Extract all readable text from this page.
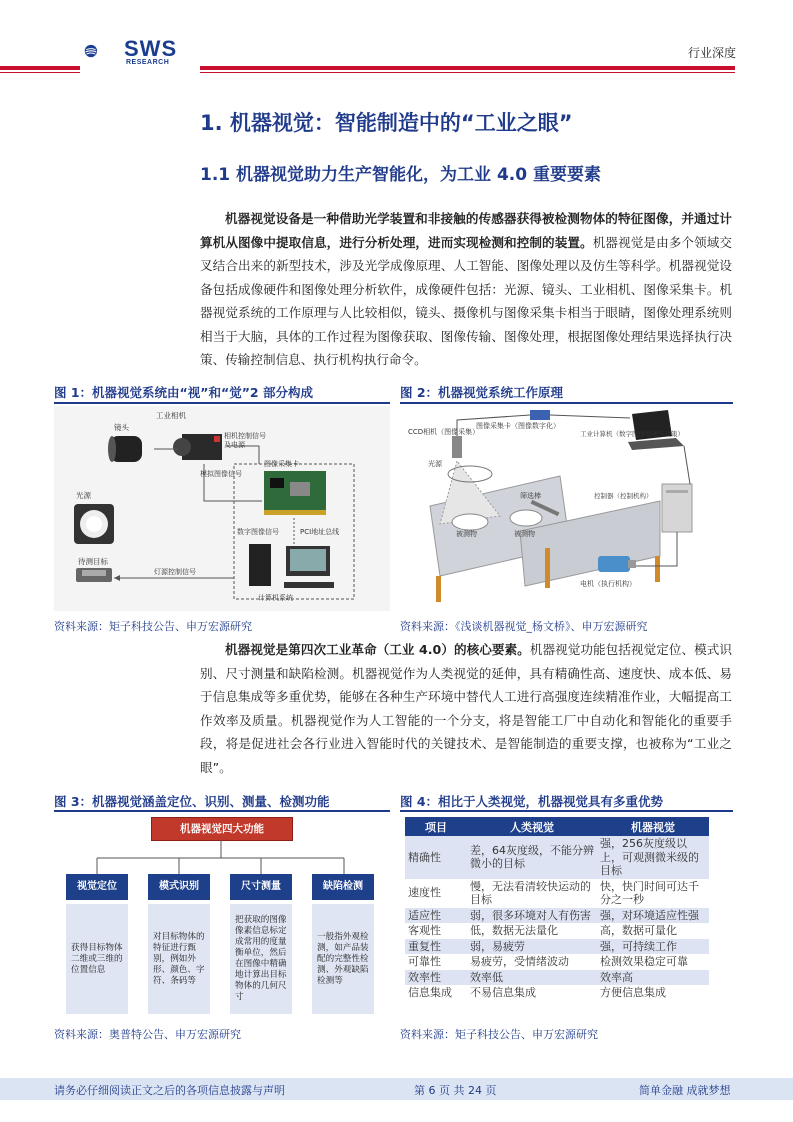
SWS
RESEARCH
行业深度
1. 机器视觉：智能制造中的“工业之眼”
1.1 机器视觉助力生产智能化，为工业 4.0 重要要素
机器视觉设备是一种借助光学装置和非接触的传感器获得被检测物体的特征图像，并通过计算机从图像中提取信息，进行分析处理，进而实现检测和控制的装置。机器视觉是由多个领域交叉结合出来的新型技术，涉及光学成像原理、人工智能、图像处理以及仿生等科学。机器视觉设备包括成像硬件和图像处理分析软件，成像硬件包括：光源、镜头、工业相机、图像采集卡。机器视觉系统的工作原理与人比较相似，镜头、摄像机与图像采集卡相当于眼睛，图像处理系统则相当于大脑，具体的工作过程为图像获取、图像传输、图像处理，根据图像处理结果选择执行决策、传输控制信息、执行机构执行命令。
图 1：机器视觉系统由“视”和“觉”2 部分构成	图 2：机器视觉系统工作原理
镜头
工业相机
相机控制信号
及电源
模拟图像信号
图像采集卡
光源
数字图像信号	PCI地址总线
待测目标
灯源控制信号
计算机系统
CCD相机（图像采集）
图像采集卡（图像数字化）
工业计算机（数字图像处理与决策）
光源
筛选棒
被测物	被测物
控制器（控制机构）
电机（执行机构）
资料来源：矩子科技公告、申万宏源研究	资料来源：《浅谈机器视觉_杨文桥》、申万宏源研究
机器视觉是第四次工业革命（工业 4.0）的核心要素。机器视觉功能包括视觉定位、模式识别、尺寸测量和缺陷检测。机器视觉作为人类视觉的延伸，具有精确性高、速度快、成本低、易于信息集成等多重优势，能够在各种生产环境中替代人工进行高强度连续精准作业，大幅提高工作效率及质量。机器视觉作为人工智能的一个分支，将是智能工厂中自动化和智能化的重要手段，将是促进社会各行业进入智能时代的关键技术、是智能制造的重要支撑，也被称为“工业之眼”。
图 3：机器视觉涵盖定位、识别、测量、检测功能	图 4：相比于人类视觉，机器视觉具有多重优势
机器视觉四大功能
视觉定位
获得目标物体二维或三维的位置信息
模式识别
对目标物体的特征进行甄别，例如外形、颜色、字符、条码等
尺寸测量
把获取的图像像素信息标定成常用的度量衡单位，然后在图像中精确地计算出目标物体的几何尺寸
缺陷检测
一般指外观检测，如产品装配的完整性检测、外观缺陷检测等
项目	人类视觉	机器视觉
精确性	差，64灰度级，不能分辨微小的目标	强，256灰度级以上，可观测微米级的目标
速度性	慢，无法看清较快运动的目标	快，快门时间可达千分之一秒
适应性	弱，很多环境对人有伤害	强，对环境适应性强
客观性	低，数据无法量化	高，数据可量化
重复性	弱，易疲劳	强，可持续工作
可靠性	易疲劳，受情绪波动	检测效果稳定可靠
效率性	效率低	效率高
信息集成	不易信息集成	方便信息集成
资料来源：奥普特公告、申万宏源研究	资料来源：矩子科技公告、申万宏源研究
请务必仔细阅读正文之后的各项信息披露与声明	第 6 页 共 24 页	简单金融 成就梦想
